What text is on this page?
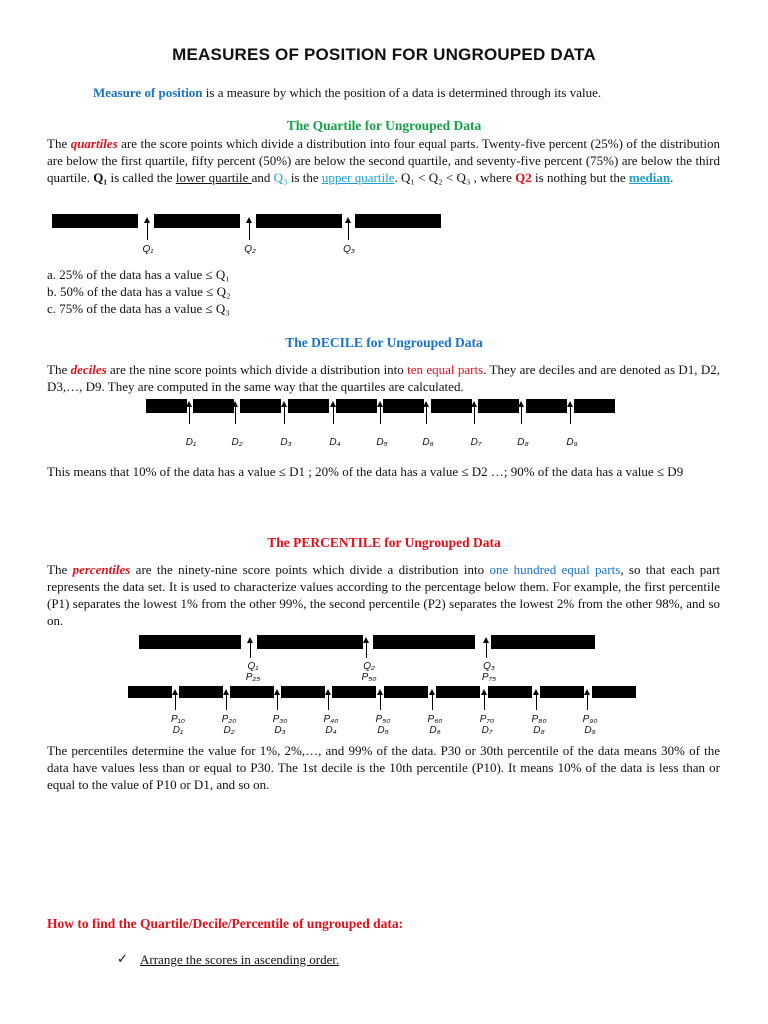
MEASURES OF POSITION FOR UNGROUPED DATA
Measure of position is a measure by which the position of a data is determined through its value.
The Quartile for Ungrouped Data
The quartiles are the score points which divide a distribution into four equal parts. Twenty-five percent (25%) of the distribution are below the first quartile, fifty percent (50%) are below the second quartile, and seventy-five percent (75%) are below the third quartile. Q₁ is called the lower quartile and Q₃ is the upper quartile. Q₁ < Q₂ < Q₃ , where Q2 is nothing but the median.
Q₁	Q₂	Q₃
a. 25% of the data has a value ≤ Q₁
b. 50% of the data has a value ≤ Q₂
c. 75% of the data has a value ≤ Q₃
The DECILE for Ungrouped Data
The deciles are the nine score points which divide a distribution into ten equal parts. They are deciles and are denoted as D1, D2, D3,…, D9. They are computed in the same way that the quartiles are calculated.
D₁	D₂	D₃	D₄	D₅	D₆	D₇	D₈	D₉
This means that 10% of the data has a value ≤ D1 ; 20% of the data has a value ≤ D2 …; 90% of the data has a value ≤ D9
The PERCENTILE for Ungrouped Data
The percentiles are the ninety-nine score points which divide a distribution into one hundred equal parts, so that each part represents the data set. It is used to characterize values according to the percentage below them. For example, the first percentile (P1) separates the lowest 1% from the other 99%, the second percentile (P2) separates the lowest 2% from the other 98%, and so on.
Q₁
P₂₅
Q₂
P₅₀
Q₃
P₇₅
P₁₀
D₁
P₂₀
D₂
P₃₀
D₃
P₄₀
D₄
P₅₀
D₅
P₆₀
D₆
P₇₀
D₇
P₈₀
D₈
P₉₀
D₉
The percentiles determine the value for 1%, 2%,…, and 99% of the data. P30 or 30th percentile of the data means 30% of the data have values less than or equal to P30. The 1st decile is the 10th percentile (P10). It means 10% of the data is less than or equal to the value of P10 or D1, and so on.
How to find the Quartile/Decile/Percentile of ungrouped data:
✓ Arrange the scores in ascending order.
